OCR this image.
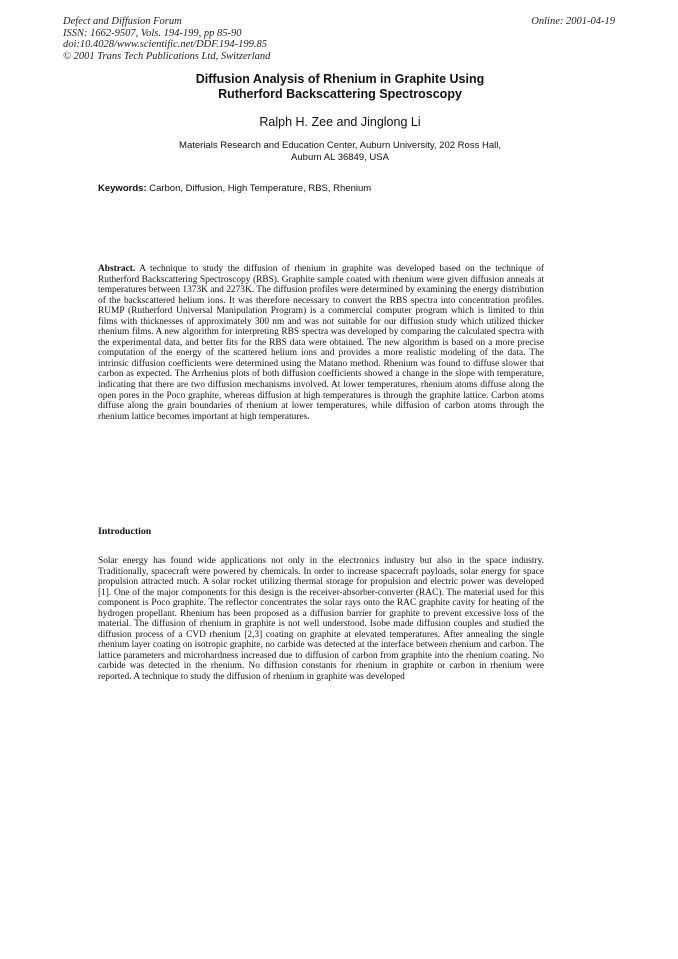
Defect and Diffusion Forum
ISSN: 1662-9507, Vols. 194-199, pp 85-90
doi:10.4028/www.scientific.net/DDF.194-199.85
© 2001 Trans Tech Publications Ltd, Switzerland
Online: 2001-04-19
Diffusion Analysis of Rhenium in Graphite Using
Rutherford Backscattering Spectroscopy
Ralph H. Zee and Jinglong Li
Materials Research and Education Center, Auburn University, 202 Ross Hall,
Auburn AL 36849, USA
Keywords: Carbon, Diffusion, High Temperature, RBS, Rhenium

Abstract. A technique to study the diffusion of rhenium in graphite was developed based on the technique of Rutherford Backscattering Spectroscopy (RBS). Graphite sample coated with rhenium were given diffusion anneals at temperatures between 1373K and 2273K. The diffusion profiles were determined by examining the energy distribution of the backscattered helium ions. It was therefore necessary to convert the RBS spectra into concentration profiles. RUMP (Rutherford Universal Manipulation Program) is a commercial computer program which is limited to thin films with thicknesses of approximately 300 nm and was not suitable for our diffusion study which utilized thicker rhenium films. A new algorithm for interpreting RBS spectra was developed by comparing the calculated spectra with the experimental data, and better fits for the RBS data were obtained. The new algorithm is based on a more precise computation of the energy of the scattered helium ions and provides a more realistic modeling of the data. The intrinsic diffusion coefficients were determined using the Matano method. Rhenium was found to diffuse slower that carbon as expected. The Arrhenius plots of both diffusion coefficients showed a change in the slope with temperature, indicating that there are two diffusion mechanisms involved. At lower temperatures, rhenium atoms diffuse along the open pores in the Poco graphite, whereas diffusion at high temperatures is through the graphite lattice. Carbon atoms diffuse along the grain boundaries of rhenium at lower temperatures, while diffusion of carbon atoms through the rhenium lattice becomes important at high temperatures.

Introduction

Solar energy has found wide applications not only in the electronics industry but also in the space industry. Traditionally, spacecraft were powered by chemicals. In order to increase spacecraft payloads, solar energy for space propulsion attracted much. A solar rocket utilizing thermal storage for propulsion and electric power was developed [1]. One of the major components for this design is the receiver-absorber-converter (RAC). The material used for this component is Poco graphite. The reflector concentrates the solar rays onto the RAC graphite cavity for heating of the hydrogen propellant. Rhenium has been proposed as a diffusion barrier for graphite to prevent excessive loss of the material. The diffusion of rhenium in graphite is not well understood. Isobe made diffusion couples and studied the diffusion process of a CVD rhenium [2,3] coating on graphite at elevated temperatures. After annealing the single rhenium layer coating on isotropic graphite, no carbide was detected at the interface between rhenium and carbon. The lattice parameters and microhardness increased due to diffusion of carbon from graphite into the rhenium coating. No carbide was detected in the rhenium. No diffusion constants for rhenium in graphite or carbon in rhenium were reported. A technique to study the diffusion of rhenium in graphite was developed
